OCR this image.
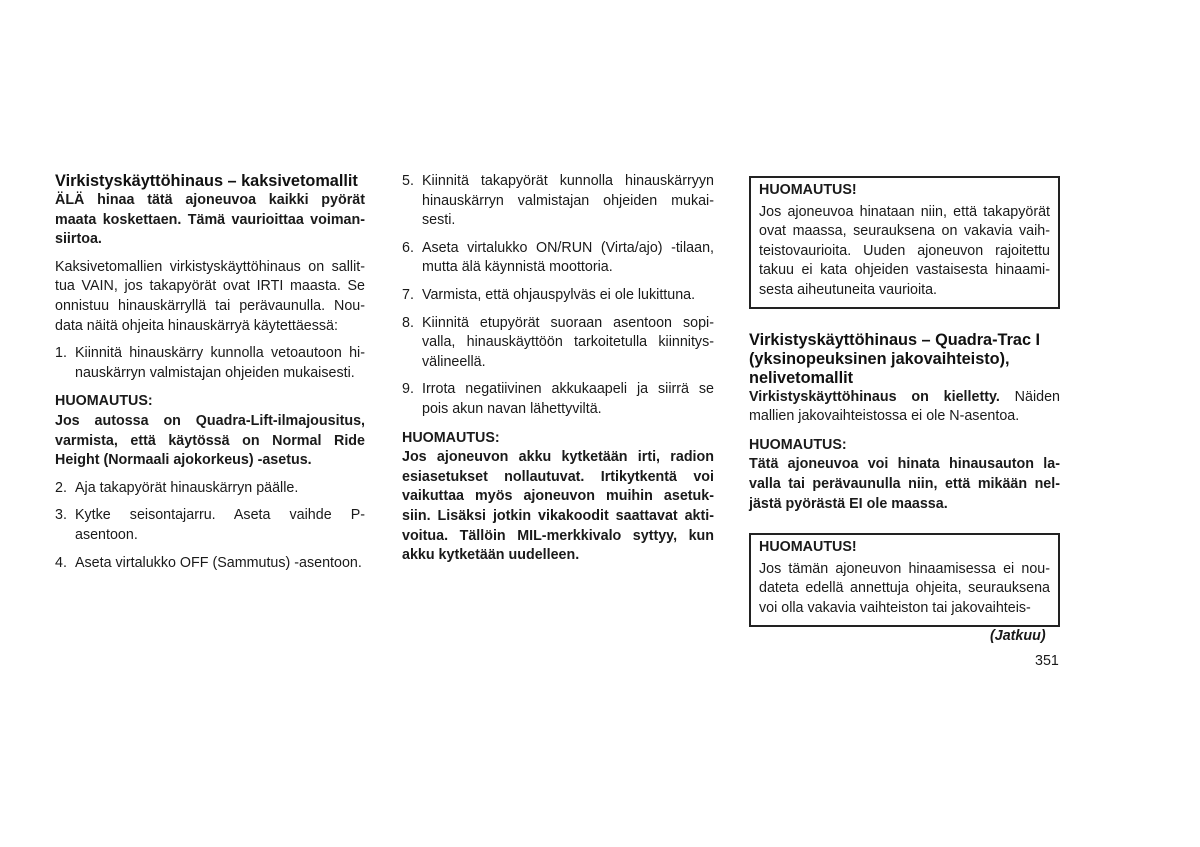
Virkistyskäyttöhinaus – kaksivetomallit

ÄLÄ hinaa tätä ajoneuvoa kaikki pyörät maata koskettaen. Tämä vaurioittaa voiman-siirtoa.

Kaksivetomallien virkistyskäyttöhinaus on sallit-tua VAIN, jos takapyörät ovat IRTI maasta. Se onnistuu hinauskärryllä tai perävaunulla. Nou-data näitä ohjeita hinauskärryä käytettäessä:

1. Kiinnitä hinauskärry kunnolla vetoautoon hi-nauskärryn valmistajan ohjeiden mukaisesti.
HUOMAUTUS:

Jos autossa on Quadra-Lift-ilmajousitus, varmista, että käytössä on Normal Ride Height (Normaali ajokorkeus) -asetus.

2. Aja takapyörät hinauskärryn päälle.
3. Kytke seisontajarru. Aseta vaihde P-asentoon.
4. Aseta virtalukko OFF (Sammutus) -asentoon.
5. Kiinnitä takapyörät kunnolla hinauskärryyn hinauskärryn valmistajan ohjeiden mukai-sesti.
6. Aseta virtalukko ON/RUN (Virta/ajo) -tilaan, mutta älä käynnistä moottoria.
7. Varmista, että ohjauspylväs ei ole lukittuna.
8. Kiinnitä etupyörät suoraan asentoon sopi-valla, hinauskäyttöön tarkoitetulla kiinnitys-välineellä.
9. Irrota negatiivinen akkukaapeli ja siirrä se pois akun navan lähettyviltä.
HUOMAUTUS:

Jos ajoneuvon akku kytketään irti, radion esiasetukset nollautuvat. Irtikytkentä voi vaikuttaa myös ajoneuvon muihin asetuk-siin. Lisäksi jotkin vikakoodit saattavat akti-voitua. Tällöin MIL-merkkivalo syttyy, kun akku kytketään uudelleen.

HUOMAUTUS!
Jos ajoneuvoa hinataan niin, että takapyörät ovat maassa, seurauksena on vakavia vaih-teistovaurioita. Uuden ajoneuvon rajoitettu takuu ei kata ohjeiden vastaisesta hinaami-sesta aiheutuneita vaurioita.
Virkistyskäyttöhinaus – Quadra-Trac I (yksinopeuksinen jakovaihteisto), nelivetomallit

Virkistyskäyttöhinaus on kielletty. Näiden mallien jakovaihteistossa ei ole N-asentoa.

HUOMAUTUS:

Tätä ajoneuvoa voi hinata hinausauton la-valla tai perävaunulla niin, että mikään nel-jästä pyörästä EI ole maassa.

HUOMAUTUS!
Jos tämän ajoneuvon hinaamisessa ei nou-dateta edellä annettuja ohjeita, seurauksena voi olla vakavia vaihteiston tai jakovaihteis-
(Jatkuu)
351
